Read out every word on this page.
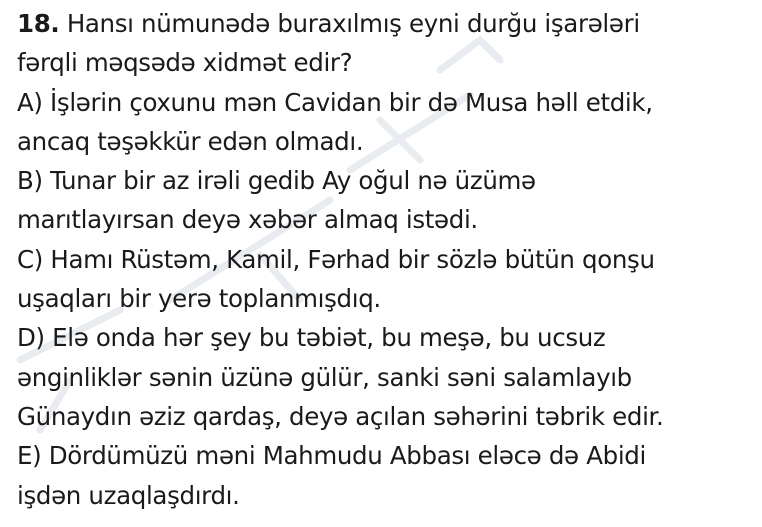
18. Hansı nümunədə buraxılmış eyni durğu işarələri
fərqli məqsədə xidmət edir?
A) İşlərin çoxunu mən Cavidan bir də Musa həll etdik,
ancaq təşəkkür edən olmadı.
B) Tunar bir az irəli gedib Ay oğul nə üzümə
marıtlayırsan deyə xəbər almaq istədi.
C) Hamı Rüstəm, Kamil, Fərhad bir sözlə bütün qonşu
uşaqları bir yerə toplanmışdıq.
D) Elə onda hər şey bu təbiət, bu meşə, bu ucsuz
ənginliklər sənin üzünə gülür, sanki səni salamlayıb
Günaydın əziz qardaş, deyə açılan səhərini təbrik edir.
E) Dördümüzü məni Mahmudu Abbası eləcə də Abidi
işdən uzaqlaşdırdı.
